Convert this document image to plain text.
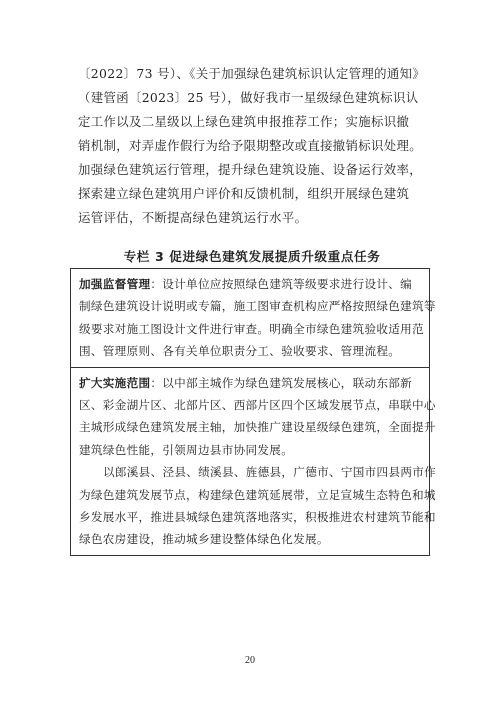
〔2022〕73 号）、《关于加强绿色建筑标识认定管理的通知》

（建管函〔2023〕25 号），做好我市一星级绿色建筑标识认

定工作以及二星级以上绿色建筑申报推荐工作；实施标识撤

销机制，对弄虚作假行为给予限期整改或直接撤销标识处理。

加强绿色建筑运行管理，提升绿色建筑设施、设备运行效率，

探索建立绿色建筑用户评价和反馈机制，组织开展绿色建筑

运管评估，不断提高绿色建筑运行水平。

专栏 3 促进绿色建筑发展提质升级重点任务

加强监督管理：设计单位应按照绿色建筑等级要求进行设计、编

制绿色建筑设计说明或专篇，施工图审查机构应严格按照绿色建筑等

级要求对施工图设计文件进行审查。明确全市绿色建筑验收适用范

围、管理原则、各有关单位职责分工、验收要求、管理流程。

扩大实施范围：以中部主城作为绿色建筑发展核心，联动东部新

区、彩金湖片区、北部片区、西部片区四个区域发展节点，串联中心

主城形成绿色建筑发展主轴，加快推广建设星级绿色建筑，全面提升

建筑绿色性能，引领周边县市协同发展。

以郎溪县、泾县、绩溪县、旌德县，广德市、宁国市四县两市作

为绿色建筑发展节点，构建绿色建筑延展带，立足宣城生态特色和城

乡发展水平，推进县城绿色建筑落地落实，积极推进农村建筑节能和

绿色农房建设，推动城乡建设整体绿色化发展。

20
